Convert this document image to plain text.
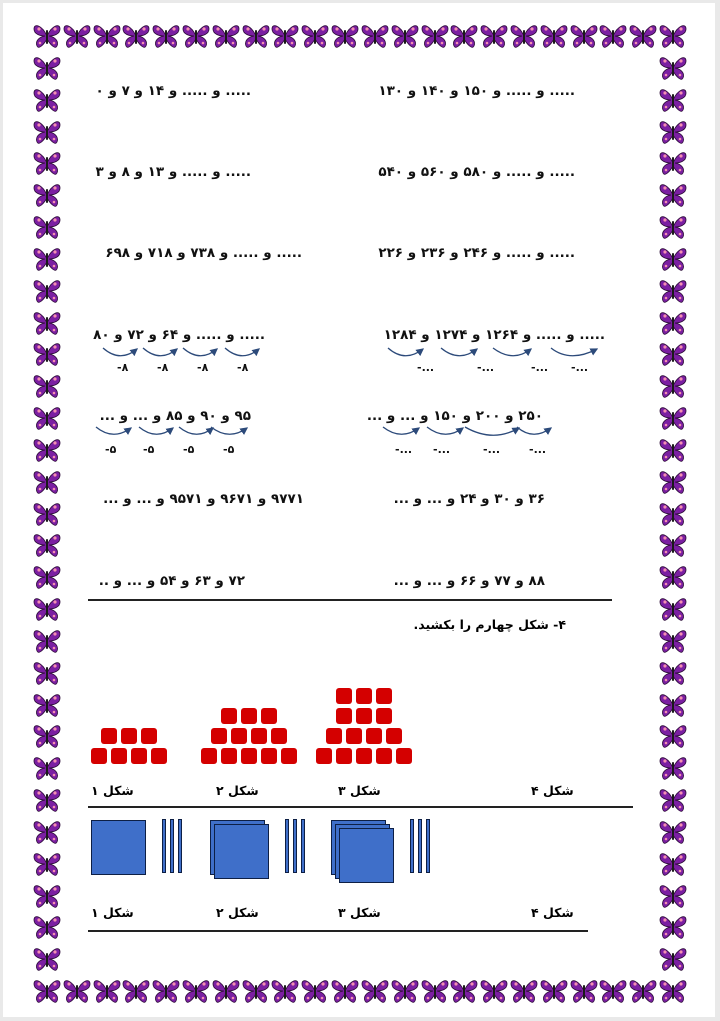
..... و ..... و ۱۵۰ و ۱۴۰ و ۱۳۰
..... و ..... و ۱۴ و ۷ و ۰
..... و ..... و ۵۸۰ و ۵۶۰ و ۵۴۰
..... و ..... و ۱۳ و ۸ و ۳
..... و ..... و ۲۴۶ و ۲۳۶ و ۲۲۶
..... و ..... و ۷۳۸ و ۷۱۸ و ۶۹۸
..... و ..... و ۱۲۶۴ و ۱۲۷۴ و ۱۲۸۴
..... و ..... و ۶۴ و ۷۲ و ۸۰
-۸	-۸	-۸	-۸	-...	-...	-... -...
۹۵ و ۹۰ و ۸۵ و ... و ...	۲۵۰ و ۲۰۰ و ۱۵۰ و ... و ...
-۵ -۵	-۵	-۵	-... -...	-...	-...
۳۶ و ۳۰ و ۲۴ و ... و ...
۹۷۷۱ و ۹۶۷۱ و ۹۵۷۱ و ... و ...
۸۸ و ۷۷ و ۶۶ و ... و ...
۷۲ و ۶۳ و ۵۴ و ... و ..
۴- شکل چهارم را بکشید.
شکل ۱	شکل ۲	شکل ۳	شکل ۴
شکل ۱	شکل ۲	شکل ۳	شکل ۴
